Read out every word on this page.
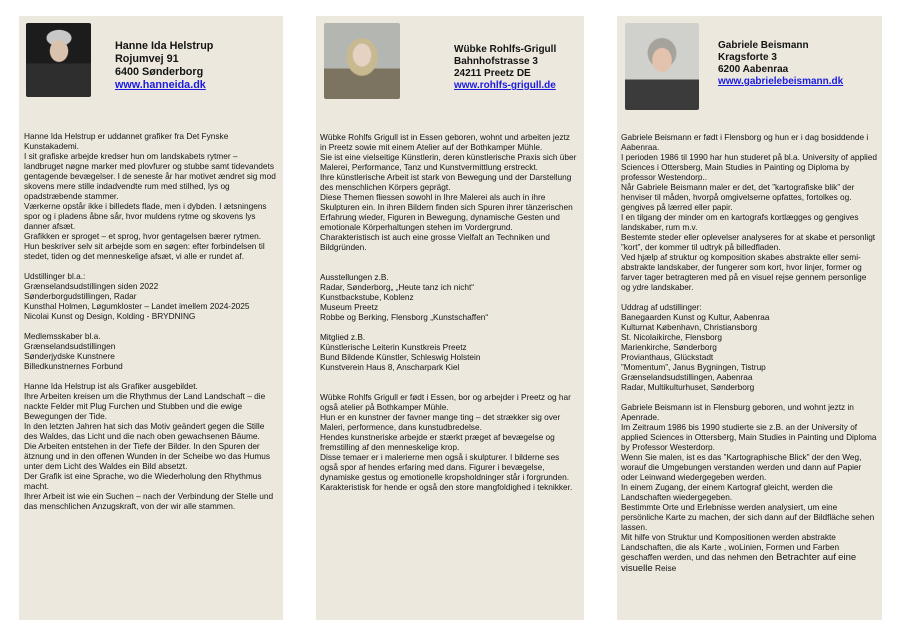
Hanne Ida Helstrup
Rojumvej 91
6400 Sønderborg
www.hanneida.dk
Hanne Ida Helstrup er uddannet grafiker fra Det Fynske Kunstakademi.
I sit grafiske arbejde kredser hun om landskabets rytmer – landbruget nøgne marker med plovfurer og stubbe samt tidevandets gentagende bevægelser. I de seneste år har motivet ændret sig mod skovens mere stille indadvendte rum med stilhed, lys og opadstræbende stammer.
Værkerne opstår ikke i billedets flade, men i dybden. I ætsningens spor og i pladens åbne sår, hvor muldens rytme og skovens lys danner afsæt.
Grafikken er sproget – et sprog, hvor gentagelsen bærer rytmen.
Hun beskriver selv sit arbejde som en søgen: efter forbindelsen til stedet, tiden og det menneskelige afsæt, vi alle er rundet af.
Udstillinger bl.a.:
Grænselandsudstillingen siden 2022
Sønderborgudstillingen, Radar
Kunsthal Holmen, Løgumkloster – Landet imellem 2024-2025
Nicolai Kunst og Design, Kolding - BRYDNING
Medlemsskaber bl.a.
Grænselandsudstillingen
Sønderjydske Kunstnere
Billedkunstnernes Forbund
Hanne Ida Helstrup ist als Grafiker ausgebildet.
Ihre Arbeiten kreisen um die Rhythmus der Land Landschaft – die nackte Felder mit Plug Furchen und Stubben und die ewige Bewegungen der Tide.
In den letzten Jahren hat sich das Motiv geändert gegen die Stille des Waldes, das Licht und die nach oben gewachsenen Bäume.
Die Arbeiten entstehen in der Tiefe der Bilder. In den Spuren der ätznung und in den offenen Wunden in der Scheibe wo das Humus unter dem Licht des Waldes ein Bild absetzt.
Der Grafik ist eine Sprache, wo die Wiederholung den Rhythmus macht.
Ihrer Arbeit ist wie ein Suchen – nach der Verbindung der Stelle und das menschlichen Anzugskraft, von der wir alle stammen.
Wübke Rohlfs-Grigull
Bahnhofstrasse 3
24211 Preetz DE
www.rohlfs-grigull.de
Wübke Rohlfs Grigull ist in Essen geboren, wohnt und arbeiten jeztz in Preetz sowie mit einem Atelier auf der Bothkamper Mühle.
Sie ist eine vielseitige Künstlerin, deren künstlerische Praxis sich über Malerei, Performance, Tanz und Kunstvermittlung erstreckt.
Ihre künstlerische Arbeit ist stark von Bewegung und der Darstellung des menschlichen Körpers geprägt.
Diese Themen fliessen sowohl in Ihre Malerei als auch in ihre Skulpturen ein. In ihren Bildern finden sich Spuren ihrer tänzerischen Erfahrung wieder, Figuren in Bewegung, dynamische Gesten und emotionale Körperhaltungen stehen im Vordergrund.
Charakteristisch ist auch eine grosse Vielfalt an Techniken und Bildgründen.
Ausstellungen z.B.
Radar, Sønderborg„ „Heute tanz ich nicht“
Kunstbackstube, Koblenz
Museum Preetz
Robbe og Berking, Flensborg „Kunstschaffen“
Mitglied z.B.
Künstlerische Leiterin Kunstkreis Preetz
Bund Bildende Künstler, Schleswig Holstein
Kunstverein Haus 8, Anscharpark Kiel
Wübke Rohlfs Grigull er født i Essen, bor og arbejder i Preetz og har også atelier på Bothkamper Mühle.
Hun er en kunstner der favner mange ting – det strækker sig over Maleri, performence, dans kunstudbredelse.
Hendes kunstneriske arbejde er stærkt præget af bevægelse og fremstilling af den menneskelige krop.
Disse temaer er i malerierne men også i skulpturer. I bilderne ses også spor af hendes erfaring med dans. Figurer i bevægelse, dynamiske gestus og emotionelle kropsholdninger står i forgrunden.
Karakteristisk for hende er også den store mangfoldighed i teknikker.
Gabriele Beismann
Kragsforte 3
6200 Aabenraa
www.gabrielebeismann.dk
Gabriele Beismann er født i Flensborg og hun er i dag bosiddende i Aabenraa.
I perioden 1986 til 1990 har hun studeret på bl.a. University of applied Sciences i Ottersberg, Main Studies in Painting og Diploma by professor Westendorp..
Når Gabriele Beismann maler er det, det ”kartografiske blik” der henviser til måden, hvorpå omgivelserne opfattes, fortolkes og. gengives på lærred eller papir.
I en tilgang der minder om en kartografs kortlægges og gengives landskaber, rum m.v.
Bestemte steder eller oplevelser analyseres for at skabe et personligt ”kort”, der kommer til udtryk på billedfladen.
Ved hjælp af struktur og komposition skabes abstrakte eller semi-abstrakte landskaber, der fungerer som kort, hvor linjer, former og farver tager betragteren med på en visuel rejse gennem personlige og ydre landskaber.
Uddrag af udstillinger:
Banegaarden Kunst og Kultur, Aabenraa
Kulturnat København, Christiansborg
St. Nicolaikirche, Flensborg
Marienkirche, Sønderborg
Provianthaus, Glückstadt
”Momentum”, Janus Bygningen, Tistrup
Grænselandsudstillingen, Aabenraa
Radar, Multikulturhuset, Sønderborg
Gabriele Beismann ist in Flensburg geboren, und wohnt jeztz in Apenrade.
Im Zeitraum 1986 bis 1990 studierte sie z.B. an der University of applied Sciences in Ottersberg, Main Studies in Painting und Diploma by Professor Westerdorp.
Wenn Sie malen, ist es das ”Kartographische Blick” der den Weg, worauf die Umgebungen verstanden werden und dann auf Papier oder Leinwand wiedergegeben werden.
In einem Zugang, der einem Kartograf gleicht, werden die Landschaften wiedergegeben.
Bestimmte Orte und Erlebnisse werden analysiert, um eine persönliche Karte zu machen, der sich dann auf der Bildfläche sehen lassen.
Mit hilfe von Struktur und Kompositionen werden abstrakte Landschaften, die als Karte , woLinien, Formen und Farben geschaffen werden, und das nehmen den Betrachter auf eine visuelle Reise
